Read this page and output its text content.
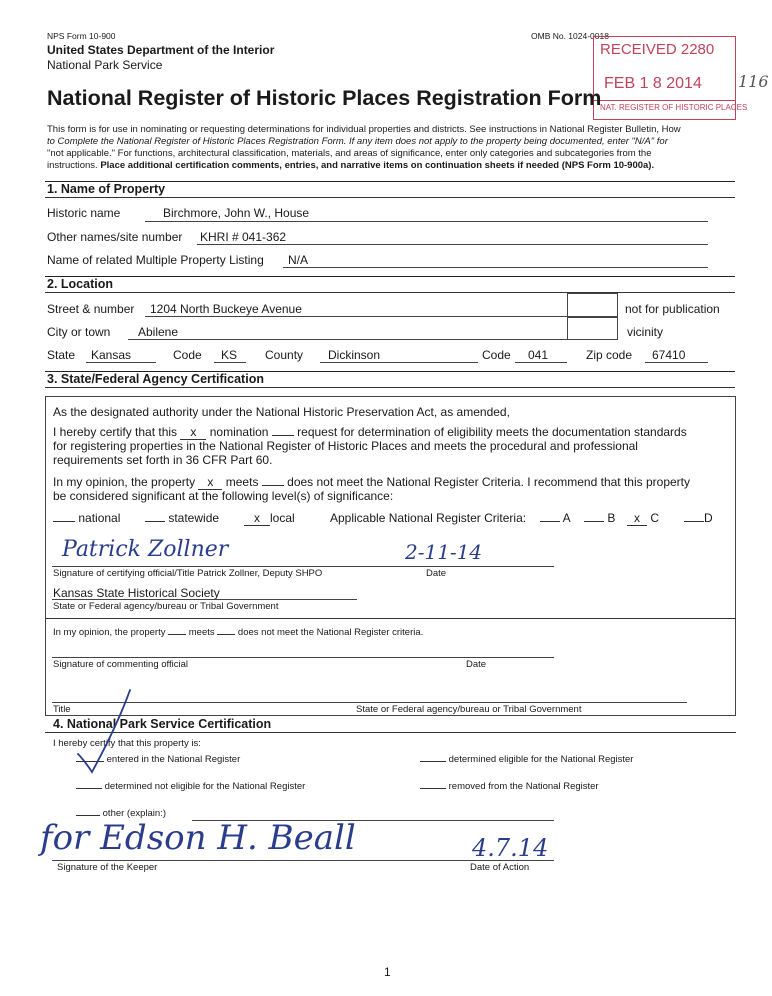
NPS Form 10-900
United States Department of the Interior
National Park Service
OMB No. 1024-0018
RECEIVED 2280
FEB 1 8 2014
NAT. REGISTER OF HISTORIC PLACES
116
National Register of Historic Places Registration Form
This form is for use in nominating or requesting determinations for individual properties and districts. See instructions in National Register Bulletin, How
to Complete the National Register of Historic Places Registration Form. If any item does not apply to the property being documented, enter "N/A" for
"not applicable." For functions, architectural classification, materials, and areas of significance, enter only categories and subcategories from the
instructions. Place additional certification comments, entries, and narrative items on continuation sheets if needed (NPS Form 10-900a).
1. Name of Property
Historic name	Birchmore, John W., House
Other names/site number KHRI # 041-362
Name of related Multiple Property Listing N/A
2. Location
Street & number 1204 North Buckeye Avenue	not for publication
City or town Abilene	vicinity
State Kansas	Code KS County Dickinson	Code 041	Zip code 67410
3. State/Federal Agency Certification
As the designated authority under the National Historic Preservation Act, as amended,
I hereby certify that this x nomination request for determination of eligibility meets the documentation standards
for registering properties in the National Register of Historic Places and meets the procedural and professional
requirements set forth in 36 CFR Part 60.
In my opinion, the property x meets does not meet the National Register Criteria. I recommend that this property
be considered significant at the following level(s) of significance:
national	statewide	x local	Applicable National Register Criteria:	A	B	x C	D
Patrick Zollner	2-11-14
Signature of certifying official/Title Patrick Zollner, Deputy SHPO	Date
Kansas State Historical Society
State or Federal agency/bureau or Tribal Government
In my opinion, the property meets does not meet the National Register criteria.
Signature of commenting official	Date
Title	State or Federal agency/bureau or Tribal Government
4. National Park Service Certification
I hereby certify that this property is:
entered in the National Register	determined eligible for the National Register
determined not eligible for the National Register	removed from the National Register
other (explain:)
for Edson H. Beall	4.7.14
Signature of the Keeper	Date of Action
1
